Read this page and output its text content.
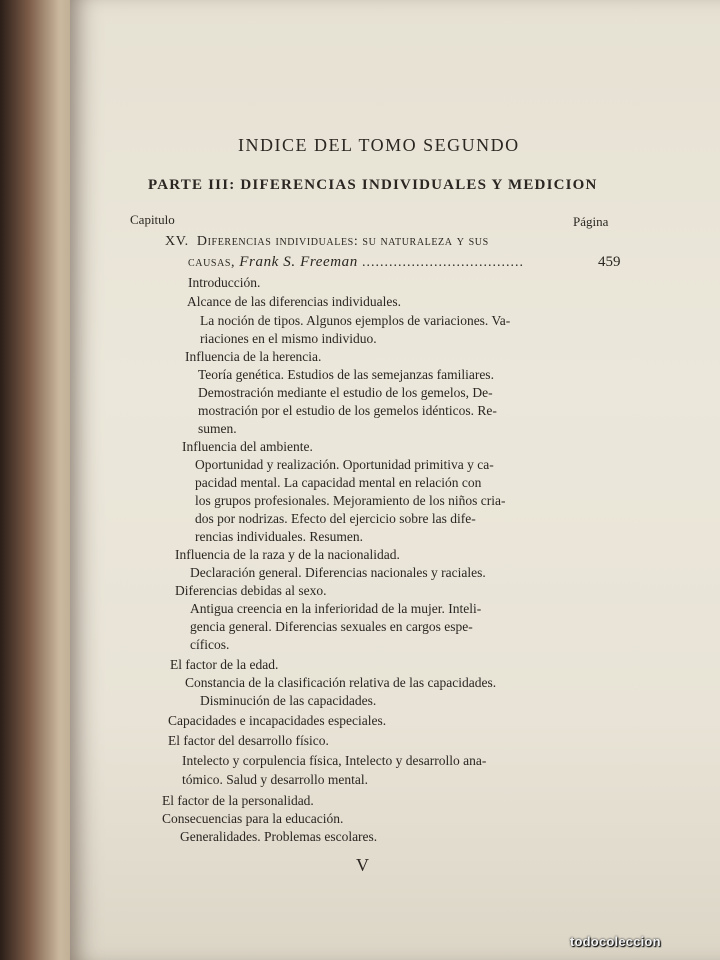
INDICE DEL TOMO SEGUNDO
PARTE III: DIFERENCIAS INDIVIDUALES Y MEDICION
Capitulo	Página
XV. Diferencias individuales: su naturaleza y sus
causas, Frank S. Freeman ....................................	459
Introducción.
Alcance de las diferencias individuales.
La noción de tipos. Algunos ejemplos de variaciones. Va-
riaciones en el mismo individuo.
Influencia de la herencia.
Teoría genética. Estudios de las semejanzas familiares.
Demostración mediante el estudio de los gemelos, De-
mostración por el estudio de los gemelos idénticos. Re-
sumen.
Influencia del ambiente.
Oportunidad y realización. Oportunidad primitiva y ca-
pacidad mental. La capacidad mental en relación con
los grupos profesionales. Mejoramiento de los niños cria-
dos por nodrizas. Efecto del ejercicio sobre las dife-
rencias individuales. Resumen.
Influencia de la raza y de la nacionalidad.
Declaración general. Diferencias nacionales y raciales.
Diferencias debidas al sexo.
Antigua creencia en la inferioridad de la mujer. Inteli-
gencia general. Diferencias sexuales en cargos espe-
cíficos.
El factor de la edad.
Constancia de la clasificación relativa de las capacidades.
Disminución de las capacidades.
Capacidades e incapacidades especiales.
El factor del desarrollo físico.
Intelecto y corpulencia física, Intelecto y desarrollo ana-
tómico. Salud y desarrollo mental.
El factor de la personalidad.
Consecuencias para la educación.
Generalidades. Problemas escolares.
V
todocoleccion
